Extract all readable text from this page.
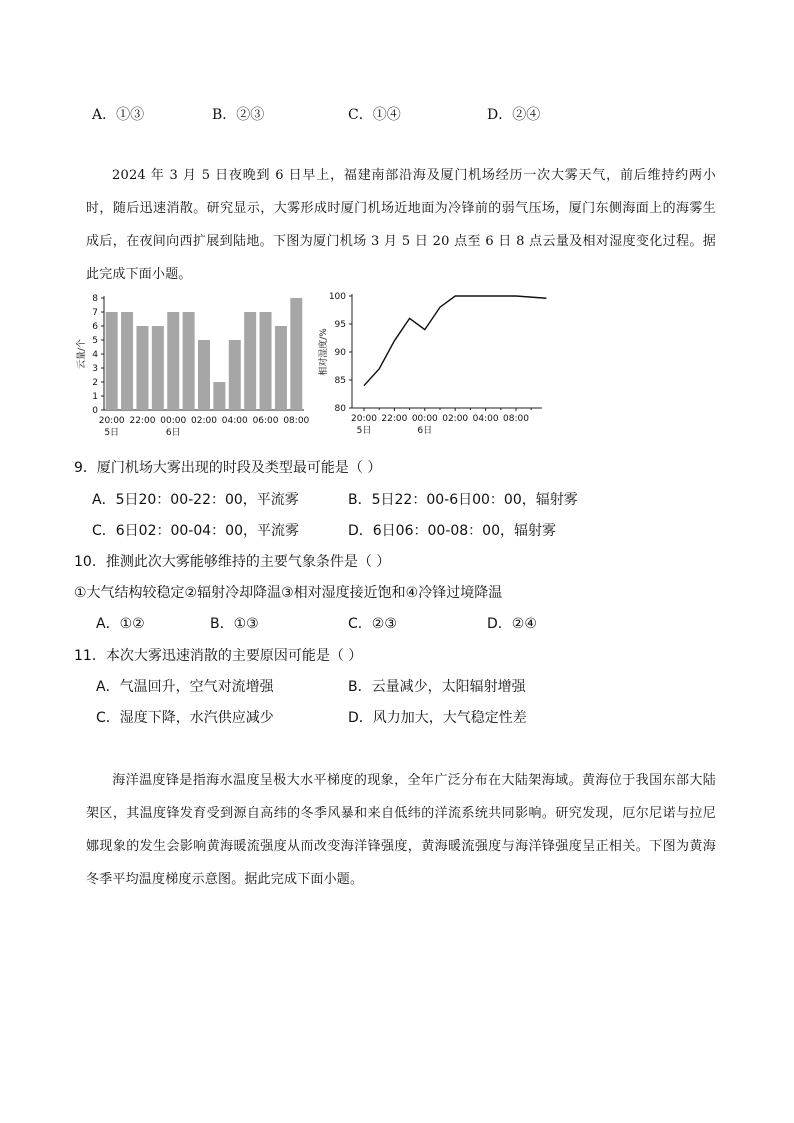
A．①③	B．②③	C．①④	D．②④
2024 年 3 月 5 日夜晚到 6 日早上，福建南部沿海及厦门机场经历一次大雾天气，前后维持约两小时，随后迅速消散。研究显示，大雾形成时厦门机场近地面为冷锋前的弱气压场，厦门东侧海面上的海雾生成后，在夜间向西扩展到陆地。下图为厦门机场 3 月 5 日 20 点至 6 日 8 点云量及相对湿度变化过程。据此完成下面小题。
0
1
2
3
4
5
6
7
8
20:00 22:00 00:00 02:00 04:00 06:00 08:00
5日	6日
云量/个
80
85
90
95
100
20:00 22:00 00:00 02:00 04:00 08:00
5日	6日
相对湿度/%
9．厦门机场大雾出现的时段及类型最可能是（ ）
A．5日20：00-22：00，平流雾	B．5日22：00-6日00：00，辐射雾
C．6日02：00-04：00，平流雾	D．6日06：00-08：00，辐射雾
10．推测此次大雾能够维持的主要气象条件是（ ）
①大气结构较稳定②辐射冷却降温③相对湿度接近饱和④冷锋过境降温
A．①②	B．①③	C．②③	D．②④
11．本次大雾迅速消散的主要原因可能是（ ）
A．气温回升，空气对流增强	B．云量减少，太阳辐射增强
C．湿度下降，水汽供应减少	D．风力加大，大气稳定性差
海洋温度锋是指海水温度呈极大水平梯度的现象，全年广泛分布在大陆架海域。黄海位于我国东部大陆架区，其温度锋发育受到源自高纬的冬季风暴和来自低纬的洋流系统共同影响。研究发现，厄尔尼诺与拉尼娜现象的发生会影响黄海暖流强度从而改变海洋锋强度，黄海暖流强度与海洋锋强度呈正相关。下图为黄海冬季平均温度梯度示意图。据此完成下面小题。
